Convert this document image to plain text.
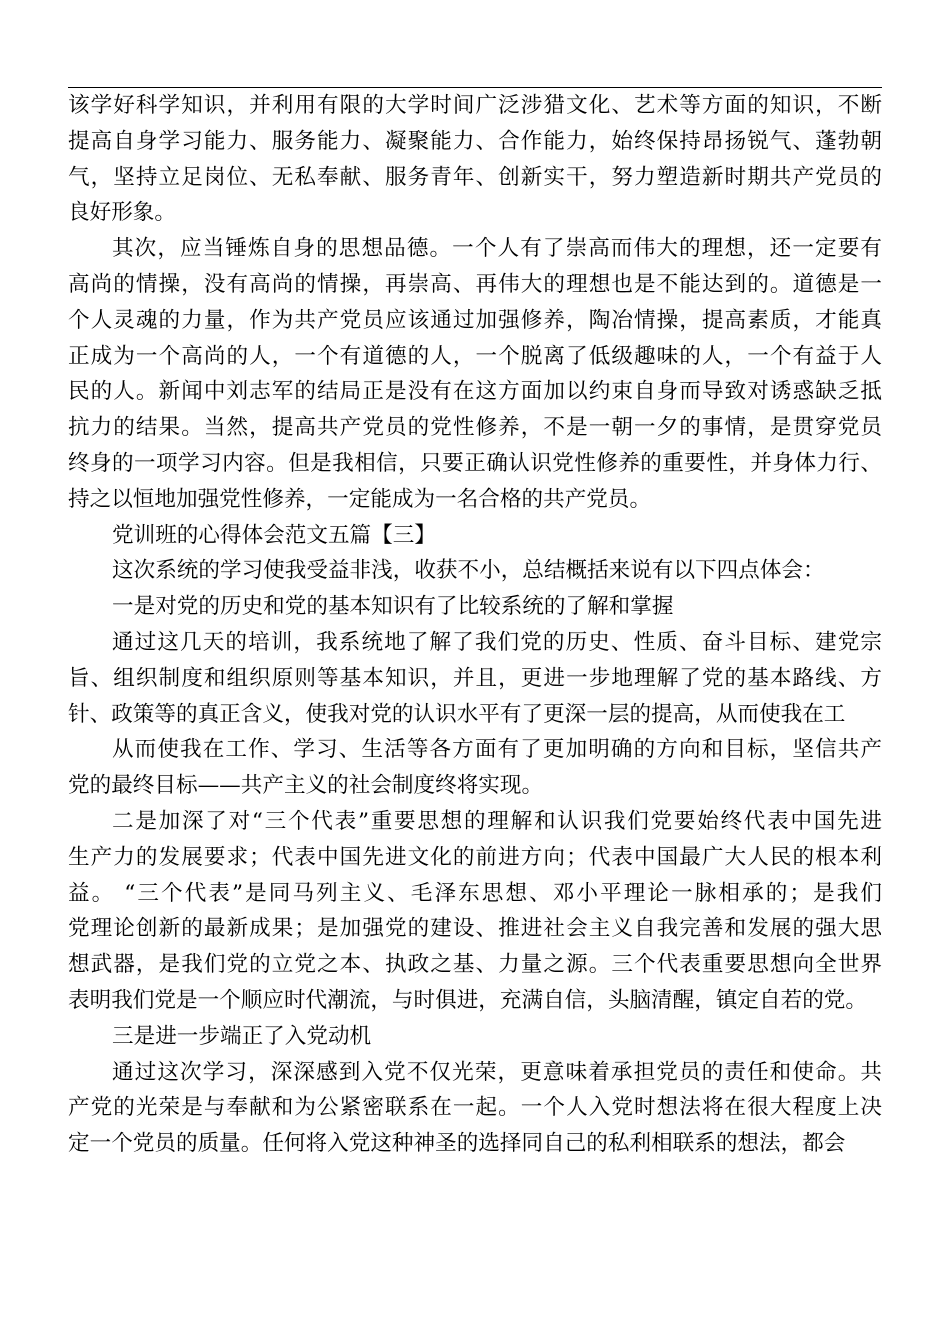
该学好科学知识，并利用有限的大学时间广泛涉猎文化、艺术等方面的知识，不断
提高自身学习能力、服务能力、凝聚能力、合作能力，始终保持昂扬锐气、蓬勃朝
气，坚持立足岗位、无私奉献、服务青年、创新实干，努力塑造新时期共产党员的
良好形象。

其次，应当锤炼自身的思想品德。一个人有了崇高而伟大的理想，还一定要有
高尚的情操，没有高尚的情操，再崇高、再伟大的理想也是不能达到的。道德是一
个人灵魂的力量，作为共产党员应该通过加强修养，陶冶情操，提高素质，才能真
正成为一个高尚的人，一个有道德的人，一个脱离了低级趣味的人，一个有益于人
民的人。新闻中刘志军的结局正是没有在这方面加以约束自身而导致对诱惑缺乏抵
抗力的结果。当然，提高共产党员的党性修养，不是一朝一夕的事情，是贯穿党员
终身的一项学习内容。但是我相信，只要正确认识党性修养的重要性，并身体力行、
持之以恒地加强党性修养，一定能成为一名合格的共产党员。

党训班的心得体会范文五篇【三】

这次系统的学习使我受益非浅，收获不小，总结概括来说有以下四点体会：

一是对党的历史和党的基本知识有了比较系统的了解和掌握

通过这几天的培训，我系统地了解了我们党的历史、性质、奋斗目标、建党宗
旨、组织制度和组织原则等基本知识，并且，更进一步地理解了党的基本路线、方
针、政策等的真正含义，使我对党的认识水平有了更深一层的提高，从而使我在工

从而使我在工作、学习、生活等各方面有了更加明确的方向和目标，坚信共产
党的最终目标——共产主义的社会制度终将实现。

二是加深了对“三个代表”重要思想的理解和认识我们党要始终代表中国先进
生产力的发展要求；代表中国先进文化的前进方向；代表中国最广大人民的根本利
益。 “三个代表”是同马列主义、毛泽东思想、邓小平理论一脉相承的；是我们
党理论创新的最新成果；是加强党的建设、推进社会主义自我完善和发展的强大思
想武器，是我们党的立党之本、执政之基、力量之源。三个代表重要思想向全世界
表明我们党是一个顺应时代潮流，与时俱进，充满自信，头脑清醒，镇定自若的党。

三是进一步端正了入党动机

通过这次学习，深深感到入党不仅光荣，更意味着承担党员的责任和使命。共
产党的光荣是与奉献和为公紧密联系在一起。一个人入党时想法将在很大程度上决
定一个党员的质量。任何将入党这种神圣的选择同自己的私利相联系的想法，都会
